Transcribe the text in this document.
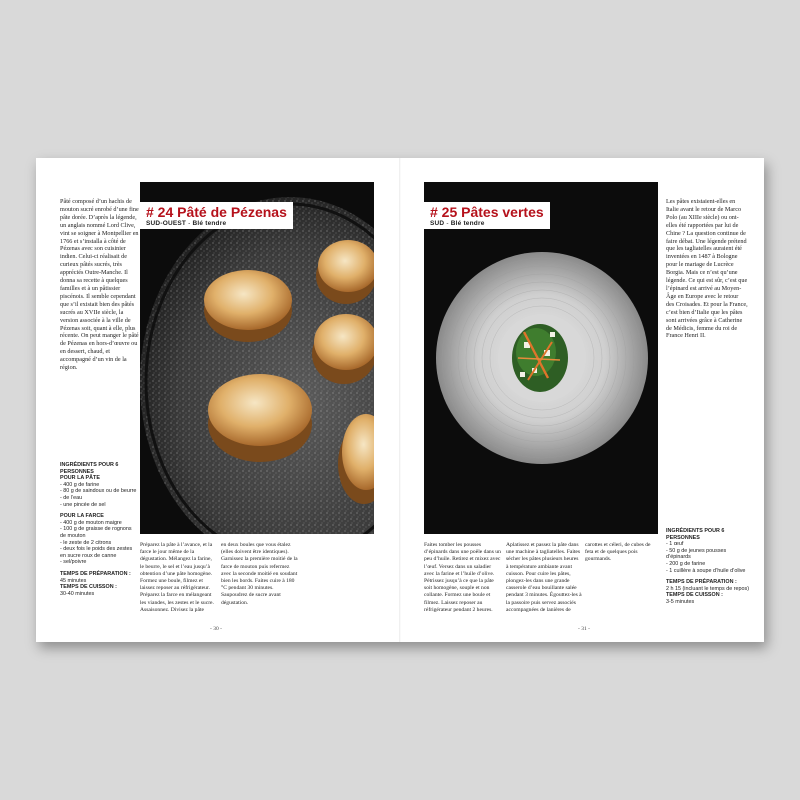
Pâté composé d’un hachis de mouton sucré enrobé d’une fine pâte dorée. D’après la légende, un anglais nommé Lord Clive, vint se soigner à Montpellier en 1766 et s’installa à côté de Pézenas avec son cuisinier indien. Celui-ci réalisait de curieux pâtés sucrés, très appréciés Outre-Manche. Il donna sa recette à quelques familles et à un pâtissier piscénois. Il semble cependant que s’il existait bien des pâtés sucrés au XVIIe siècle, la version associée à la ville de Pézenas soit, quant à elle, plus récente. On peut manger le pâté de Pézenas en hors-d’œuvre ou en dessert, chaud, et accompagné d’un vin de la région.

# 24 Pâté de Pézenas
SUD-OUEST - Blé tendre
INGRÉDIENTS POUR 6 PERSONNES
POUR LA PÂTE
- 400 g de farine
- 80 g de saindoux ou de beurre
- de l’eau
- une pincée de sel
POUR LA FARCE
- 400 g de mouton maigre
- 100 g de graisse de rognons de mouton
- le zeste de 2 citrons
- deux fois le poids des zestes en sucre roux de canne
- sel/poivre
TEMPS DE PRÉPARATION :
45 minutes
TEMPS DE CUISSON :
30-40 minutes

Préparez la pâte à l’avance, et la farce le jour même de la dégustation. Mélangez la farine, le beurre, le sel et l’eau jusqu’à obtention d’une pâte homogène. Formez une boule, filmez et laissez reposer au réfrigérateur. Préparez la farce en mélangeant les viandes, les zestes et le sucre. Assaisonnez. Divisez la pâte

en deux boules que vous étalez (elles doivent être identiques). Garnissez la première moitié de la farce de mouton puis refermez avec la seconde moitié en soudant bien les bords. Faites cuire à 180 °C pendant 30 minutes. Saupoudrez de sucre avant dégustation.

- 30 -
# 25 Pâtes vertes
SUD - Blé tendre

Les pâtes existaient-elles en Italie avant le retour de Marco Polo (au XIIIe siècle) ou ont-elles été rapportées par lui de Chine ? La question continue de faire débat. Une légende prétend que les tagliatelles auraient été inventées en 1487 à Bologne pour le mariage de Lucrèce Borgia. Mais ce n’est qu’une légende. Ce qui est sûr, c’est que l’épinard est arrivé au Moyen-Âge en Europe avec le retour des Croisades. Et pour la France, c’est bien d’Italie que les pâtes sont arrivées grâce à Catherine de Médicis, femme du roi de France Henri II.

Faites tomber les pousses d’épinards dans une poêle dans un peu d’huile. Retirez et mixez avec l’œuf. Versez dans un saladier avec la farine et l’huile d’olive. Pétrissez jusqu’à ce que la pâte soit homogène, souple et non collante. Formez une boule et filmez. Laissez reposer au réfrigérateur pendant 2 heures.

Aplatissez et passez la pâte dans une machine à tagliatelles. Faites sécher les pâtes plusieurs heures à température ambiante avant cuisson. Pour cuire les pâtes, plongez-les dans une grande casserole d’eau bouillante salée pendant 3 minutes. Égouttez-les à la passoire puis servez associés accompagnées de lanières de

carottes et céleri, de cubes de feta et de quelques pois gourmands.

INGRÉDIENTS POUR 6 PERSONNES
- 1 œuf
- 50 g de jeunes pousses d’épinards
- 200 g de farine
- 1 cuillère à soupe d’huile d’olive
TEMPS DE PRÉPARATION :
2 h 15 (incluant le temps de repos)
TEMPS DE CUISSON :
3-5 minutes
- 31 -
